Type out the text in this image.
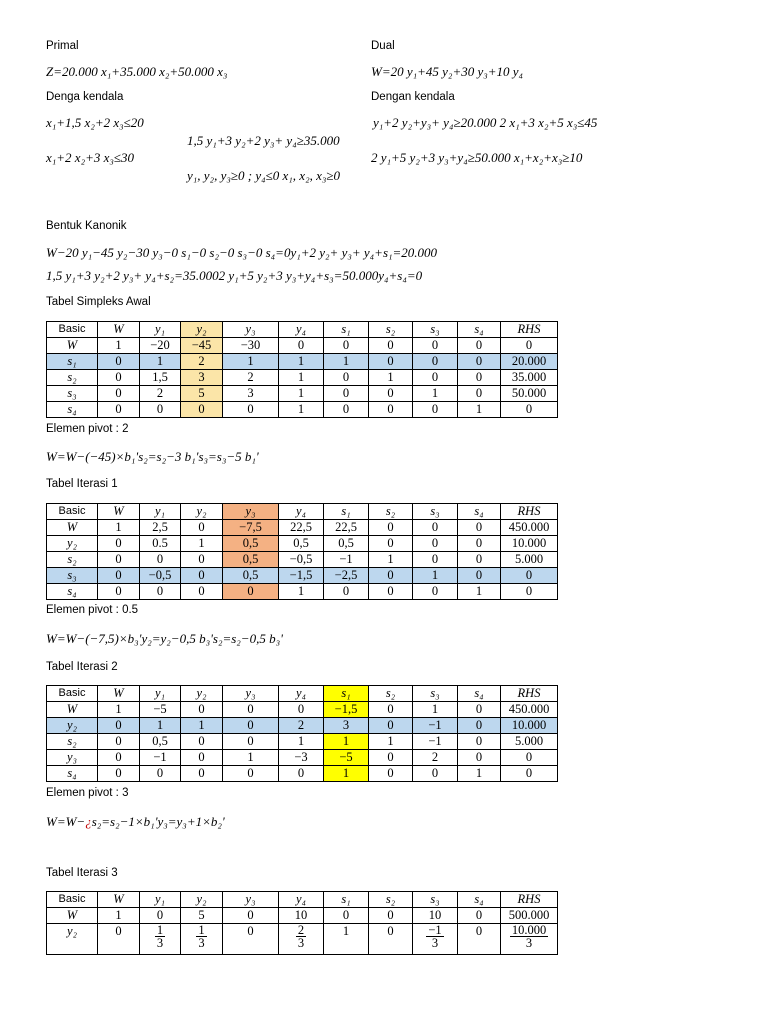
Primal	Dual
Z=20.000 x₁+35.000 x₂+50.000 x₃	W=20 y₁+45 y₂+30 y₃+10 y₄
Denga kendala	Dengan kendala
x₁+1,5 x₂+2 x₃≤20	y₁+2 y₂+y₃+ y₄≥20.000 2 x₁+3 x₂+5 x₃≤45
1,5 y₁+3 y₂+2 y₃+ y₄≥35.000
x₁+2 x₂+3 x₃≤30	2 y₁+5 y₂+3 y₃+y₄≥50.000 x₁+x₂+x₃≥10
y₁, y₂, y₃≥0 ; y₄≤0 x₁, x₂, x₃≥0
Bentuk Kanonik
W−20 y₁−45 y₂−30 y₃−0 s₁−0 s₂−0 s₃−0 s₄=0y₁+2 y₂+ y₃+ y₄+s₁=20.000
1,5 y₁+3 y₂+2 y₃+ y₄+s₂=35.0002 y₁+5 y₂+3 y₃+y₄+s₃=50.000y₄+s₄=0
Tabel Simpleks Awal
Basic	W	y₁	y₂	y₃	y₄	s₁	s₂	s₃	s₄	RHS
W	1	−20	−45	−30	0	0	0	0	0	0
s₁	0	1	2	1	1	1	0	0	0	20.000
s₂	0	1,5	3	2	1	0	1	0	0	35.000
s₃	0	2	5	3	1	0	0	1	0	50.000
s₄	0	0	0	0	1	0	0	0	1	0
Elemen pivot : 2
W=W−(−45)×b₁'s₂=s₂−3 b₁'s₃=s₃−5 b₁'
Tabel Iterasi 1
Basic	W	y₁	y₂	y₃	y₄	s₁	s₂	s₃	s₄	RHS
W	1	2,5	0	−7,5	22,5	22,5	0	0	0	450.000
y₂	0	0.5	1	0,5	0,5	0,5	0	0	0	10.000
s₂	0	0	0	0,5	−0,5	−1	1	0	0	5.000
s₃	0	−0,5	0	0,5	−1,5	−2,5	0	1	0	0
s₄	0	0	0	0	1	0	0	0	1	0
Elemen pivot : 0.5
W=W−(−7,5)×b₃'y₂=y₂−0,5 b₃'s₂=s₂−0,5 b₃'
Tabel Iterasi 2
Basic	W	y₁	y₂	y₃	y₄	s₁	s₂	s₃	s₄	RHS
W	1	−5	0	0	0	−1,5	0	1	0	450.000
y₂	0	1	1	0	2	3	0	−1	0	10.000
s₂	0	0,5	0	0	1	1	1	−1	0	5.000
y₃	0	−1	0	1	−3	−5	0	2	0	0
s₄	0	0	0	0	0	1	0	0	1	0
Elemen pivot : 3
W=W−¿s₂=s₂−1×b₁'y₃=y₃+1×b₂'
Tabel Iterasi 3
Basic	W	y₁	y₂	y₃	y₄	s₁	s₂	s₃	s₄	RHS
W	1	0	5	0	10	0	0	10	0	500.000
y₂	0	$\frac{1}{3}$	$\frac{1}{3}$	0	$\frac{2}{3}$	1	0	$\frac{-1}{3}$	0	$\frac{10.000}{3}$
